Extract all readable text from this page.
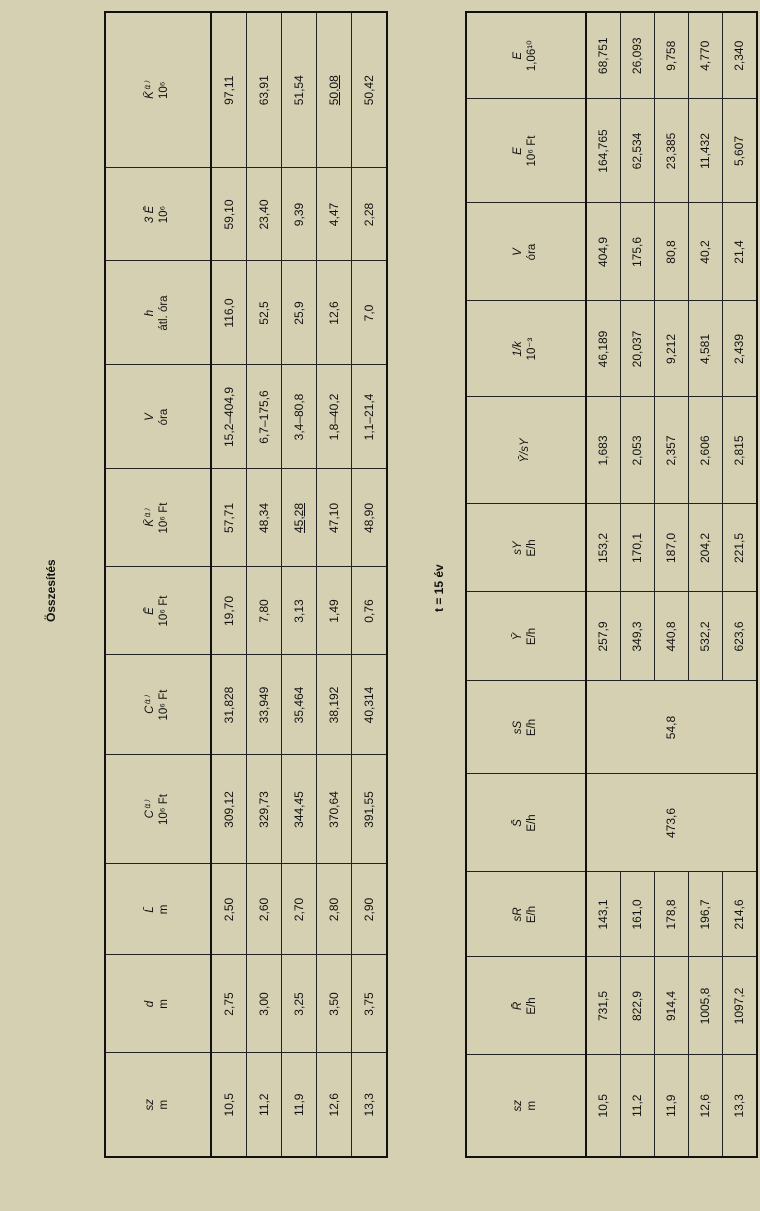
Összesítés
sz m	d m	L̄ m	C⁽¹⁾ 10⁶ Ft	C⁽¹⁾ 10⁶ Ft	Ē 10⁶ Ft	K̄⁽¹⁾ 10⁶ Ft	V óra	h átl. óra	3 Ē 10⁶	K̄⁽¹⁾ 10⁶
10,5	2,75	2,50	309,12	31,828	19,70	57,71	15,2–404,9	116,0	59,10	97,11
11,2	3,00	2,60	329,73	33,949	7,80	48,34	6,7–175,6	52,5	23,40	63,91
11,9	3,25	2,70	344,45	35,464	3,13	45,28	3,4–80,8	25,9	9,39	51,54
12,6	3,50	2,80	370,64	38,192	1,49	47,10	1,8–40,2	12,6	4,47	50,08
13,3	3,75	2,90	391,55	40,314	0,76	48,90	1,1–21,4	7,0	2,28	50,42
t = 15 év
sz m	R̄ E/h	sR E/h	S̄ E/h	sS E/h	Ȳ E/h	sY E/h	Ȳ/sY	1/k 10⁻³	V óra	E 10⁶ Ft	E 1,06¹⁰
10,5	731,5	143,1	473,6	54,8	257,9	153,2	1,683	46,189	404,9	164,765	68,751
11,2	822,9	161,0			349,3	170,1	2,053	20,037	175,6	62,534	26,093
11,9	914,4	178,8			440,8	187,0	2,357	9,212	80,8	23,385	9,758
12,6	1005,8	196,7			532,2	204,2	2,606	4,581	40,2	11,432	4,770
13,3	1097,2	214,6			623,6	221,5	2,815	2,439	21,4	5,607	2,340
